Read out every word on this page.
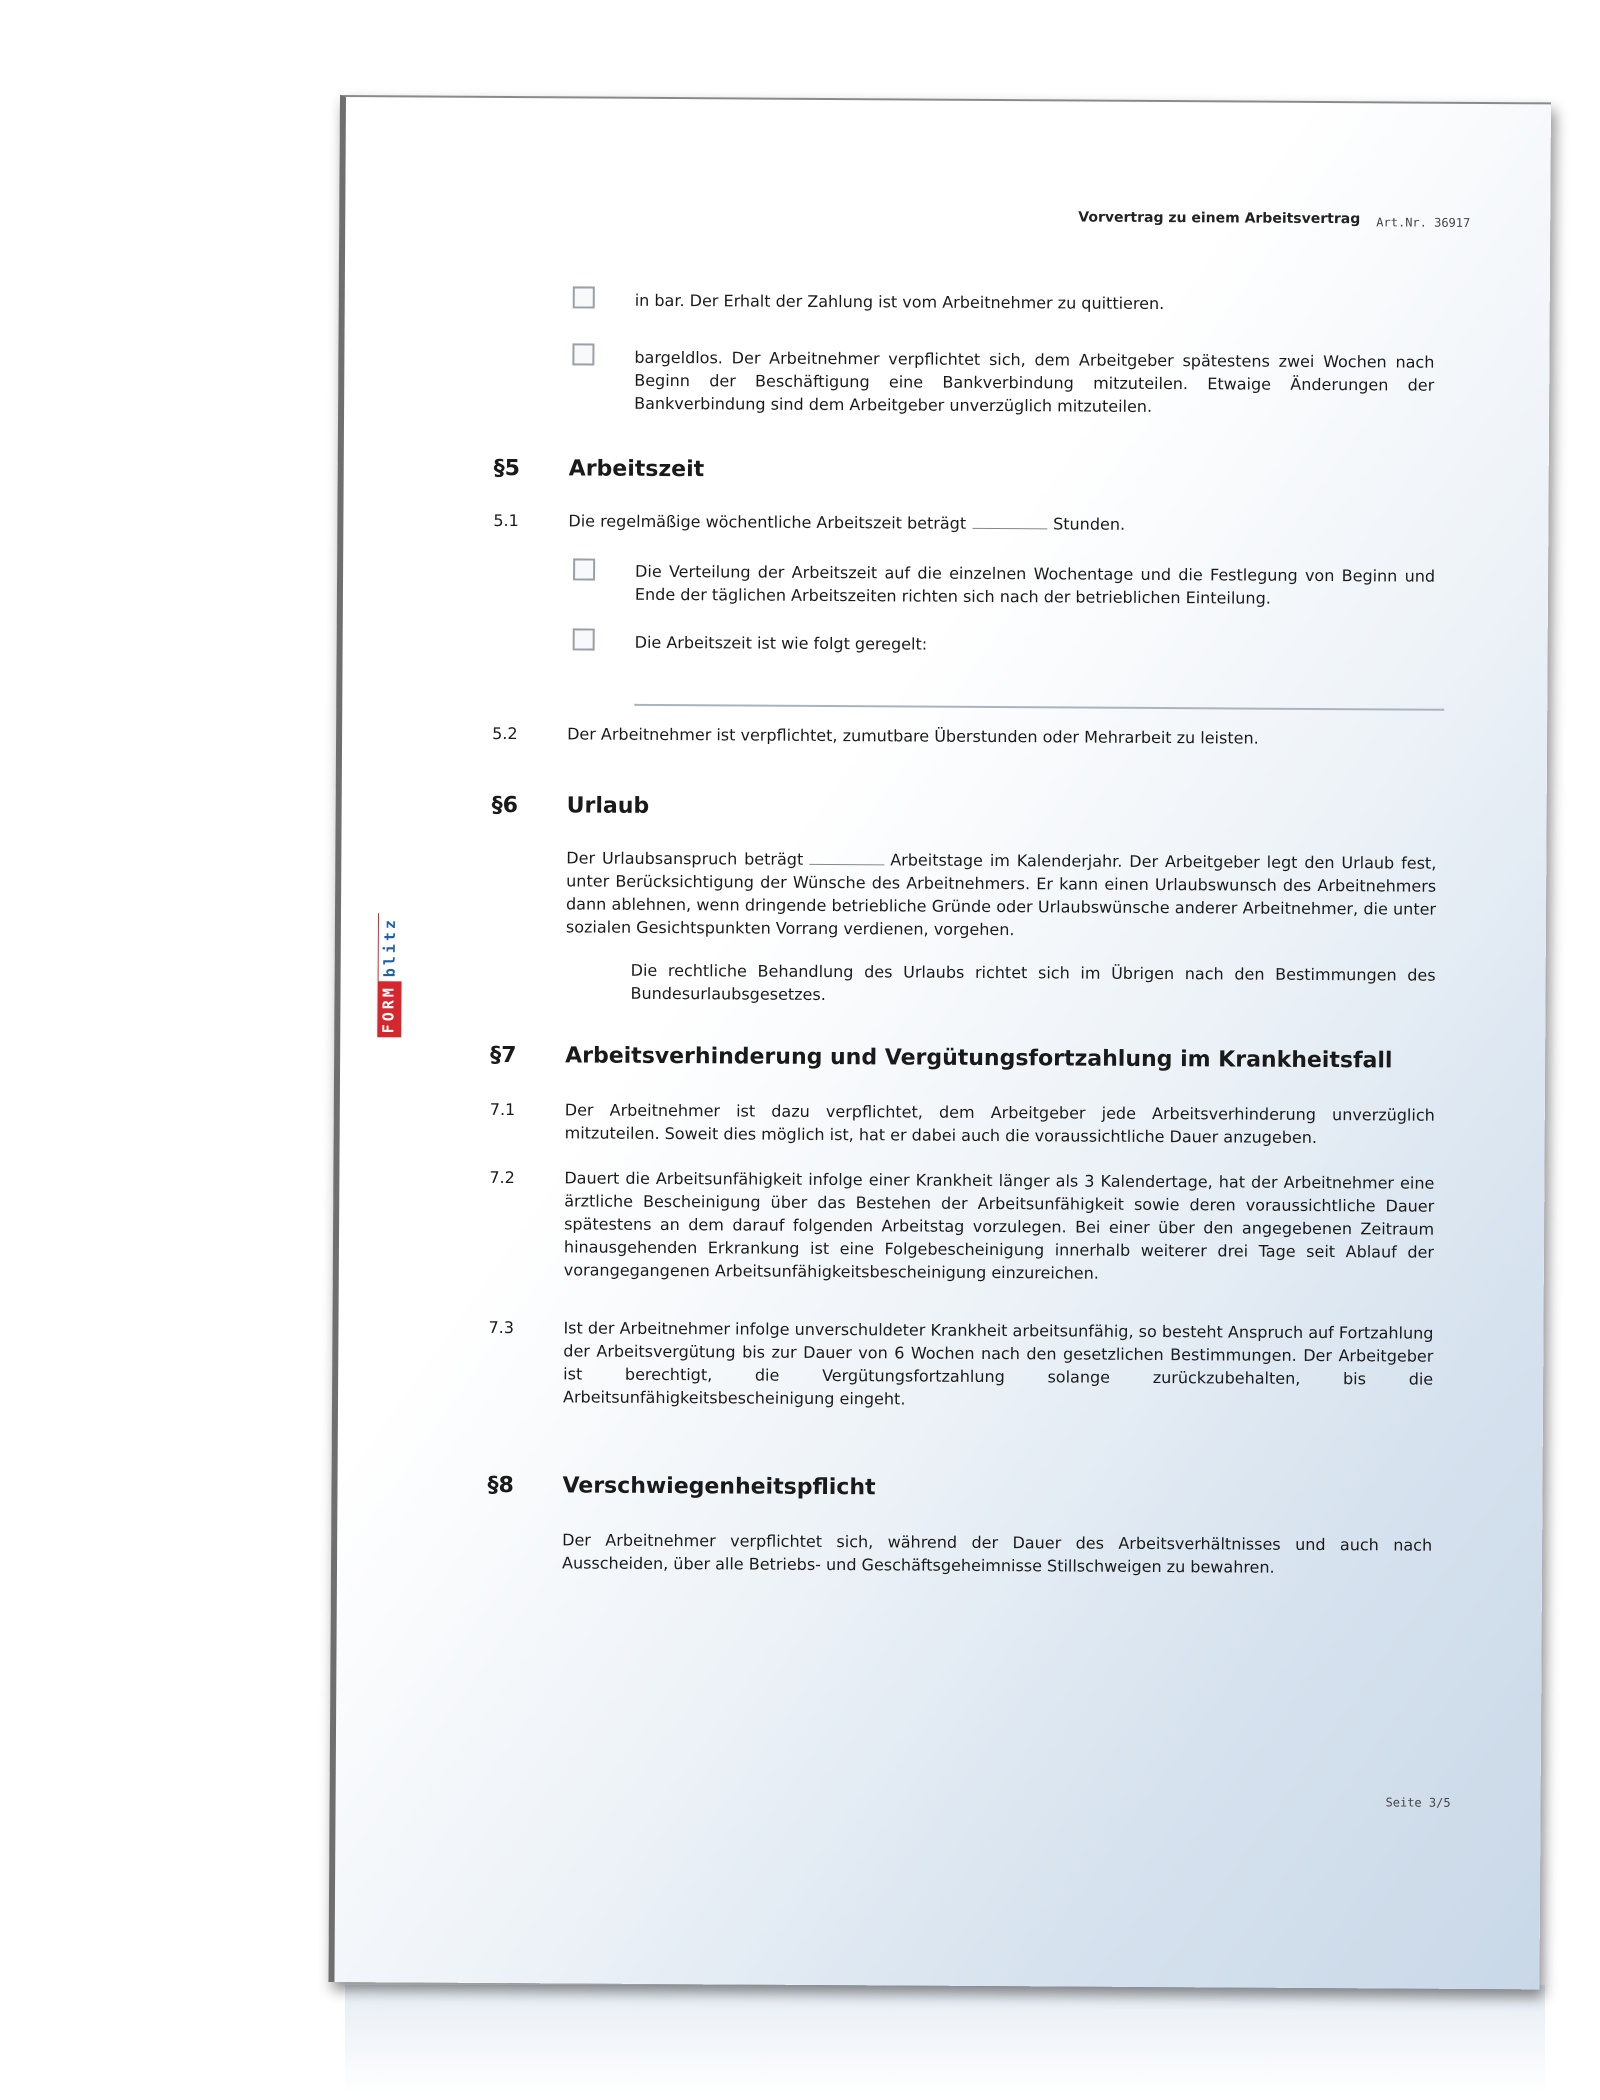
Vorvertrag zu einem Arbeitsvertrag Art.Nr. 36917
in bar. Der Erhalt der Zahlung ist vom Arbeitnehmer zu quittieren.
bargeldlos. Der Arbeitnehmer verpflichtet sich, dem Arbeitgeber spätestens zwei Wochen nach Beginn der Beschäftigung eine Bankverbindung mitzuteilen. Etwaige Änderungen der Bankverbindung sind dem Arbeitgeber unverzüglich mitzuteilen.
§5 Arbeitszeit
5.1	Die regelmäßige wöchentliche Arbeitszeit beträgt	Stunden.
Die Verteilung der Arbeitszeit auf die einzelnen Wochentage und die Festlegung von Beginn und Ende der täglichen Arbeitszeiten richten sich nach der betrieblichen Einteilung.
Die Arbeitszeit ist wie folgt geregelt:
5.2	Der Arbeitnehmer ist verpflichtet, zumutbare Überstunden oder Mehrarbeit zu leisten.
§6 Urlaub
Der Urlaubsanspruch beträgt	Arbeitstage im Kalenderjahr. Der Arbeitgeber legt den Urlaub fest, unter Berücksichtigung der Wünsche des Arbeitnehmers. Er kann einen Urlaubswunsch des Arbeitnehmers dann ablehnen, wenn dringende betriebliche Gründe oder Urlaubswünsche anderer Arbeitnehmer, die unter sozialen Gesichtspunkten Vorrang verdienen, vorgehen.
Die rechtliche Behandlung des Urlaubs richtet sich im Übrigen nach den Bestimmungen des Bundesurlaubsgesetzes.
§7 Arbeitsverhinderung und Vergütungsfortzahlung im Krankheitsfall
7.1	Der Arbeitnehmer ist dazu verpflichtet, dem Arbeitgeber jede Arbeitsverhinderung unverzüglich mitzuteilen. Soweit dies möglich ist, hat er dabei auch die voraussichtliche Dauer anzugeben.
7.2	Dauert die Arbeitsunfähigkeit infolge einer Krankheit länger als 3 Kalendertage, hat der Arbeitnehmer eine ärztliche Bescheinigung über das Bestehen der Arbeitsunfähigkeit sowie deren voraussichtliche Dauer spätestens an dem darauf folgenden Arbeitstag vorzulegen. Bei einer über den angegebenen Zeitraum hinausgehenden Erkrankung ist eine Folgebescheinigung innerhalb weiterer drei Tage seit Ablauf der vorangegangenen Arbeitsunfähigkeitsbescheinigung einzureichen.
7.3	Ist der Arbeitnehmer infolge unverschuldeter Krankheit arbeitsunfähig, so besteht Anspruch auf Fortzahlung der Arbeitsvergütung bis zur Dauer von 6 Wochen nach den gesetzlichen Bestimmungen. Der Arbeitgeber ist berechtigt, die Vergütungsfortzahlung solange zurückzubehalten, bis die Arbeitsunfähigkeitsbescheinigung eingeht.
§8 Verschwiegenheitspflicht
Der Arbeitnehmer verpflichtet sich, während der Dauer des Arbeitsverhältnisses und auch nach Ausscheiden, über alle Betriebs- und Geschäftsgeheimnisse Stillschweigen zu bewahren.
Seite 3/5
FORM
blitz
